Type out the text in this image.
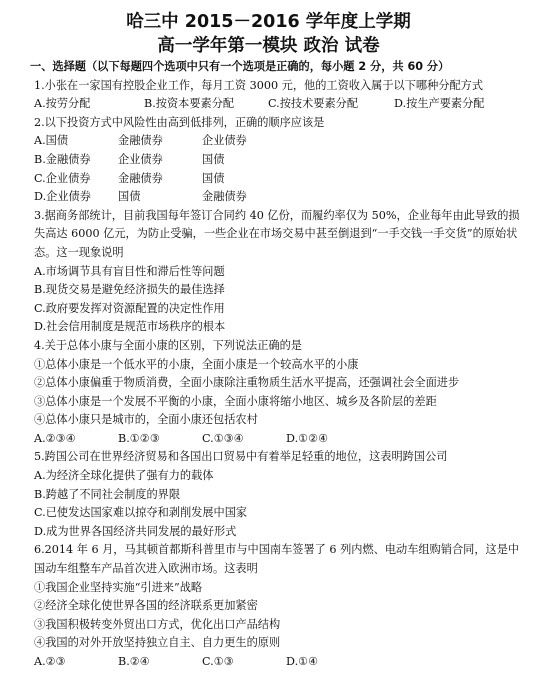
哈三中 2015－2016 学年度上学期
高一学年第一模块 政治 试卷
一、选择题（以下每题四个选项中只有一个选项是正确的，每小题 2 分，共 60 分）
1.小张在一家国有控股企业工作，每月工资 3000 元，他的工资收入属于以下哪种分配方式
A.按劳分配	B.按资本要素分配	C.按技术要素分配	D.按生产要素分配
2.以下投资方式中风险性由高到低排列，正确的顺序应该是
A.国债	金融债券	企业债券
B.金融债券	企业债券	国债
C.企业债券	金融债券	国债
D.企业债券	国债	金融债券
3.据商务部统计，目前我国每年签订合同约 40 亿份，而履约率仅为 50%，企业每年由此导致的损失高达 6000 亿元，为防止受骗，一些企业在市场交易中甚至倒退到“一手交钱一手交货”的原始状态。这一现象说明
A.市场调节具有盲目性和滞后性等问题
B.现货交易是避免经济损失的最佳选择
C.政府要发挥对资源配置的决定性作用
D.社会信用制度是规范市场秩序的根本
4.关于总体小康与全面小康的区别，下列说法正确的是
①总体小康是一个低水平的小康，全面小康是一个较高水平的小康
②总体小康偏重于物质消费，全面小康除注重物质生活水平提高，还强调社会全面进步
③总体小康是一个发展不平衡的小康，全面小康将缩小地区、城乡及各阶层的差距
④总体小康只是城市的，全面小康还包括农村
A.②③④	B.①②③	C.①③④	D.①②④
5.跨国公司在世界经济贸易和各国出口贸易中有着举足轻重的地位，这表明跨国公司
A.为经济全球化提供了强有力的载体
B.跨越了不同社会制度的界限
C.已使发达国家难以掠夺和剥削发展中国家
D.成为世界各国经济共同发展的最好形式
6.2014 年 6 月，马其顿首都斯科普里市与中国南车签署了 6 列内燃、电动车组购销合同，这是中国动车组整车产品首次进入欧洲市场。这表明
①我国企业坚持实施“引进来”战略
②经济全球化使世界各国的经济联系更加紧密
③我国积极转变外贸出口方式，优化出口产品结构
④我国的对外开放坚持独立自主、自力更生的原则
A.②③	B.②④	C.①③	D.①④
